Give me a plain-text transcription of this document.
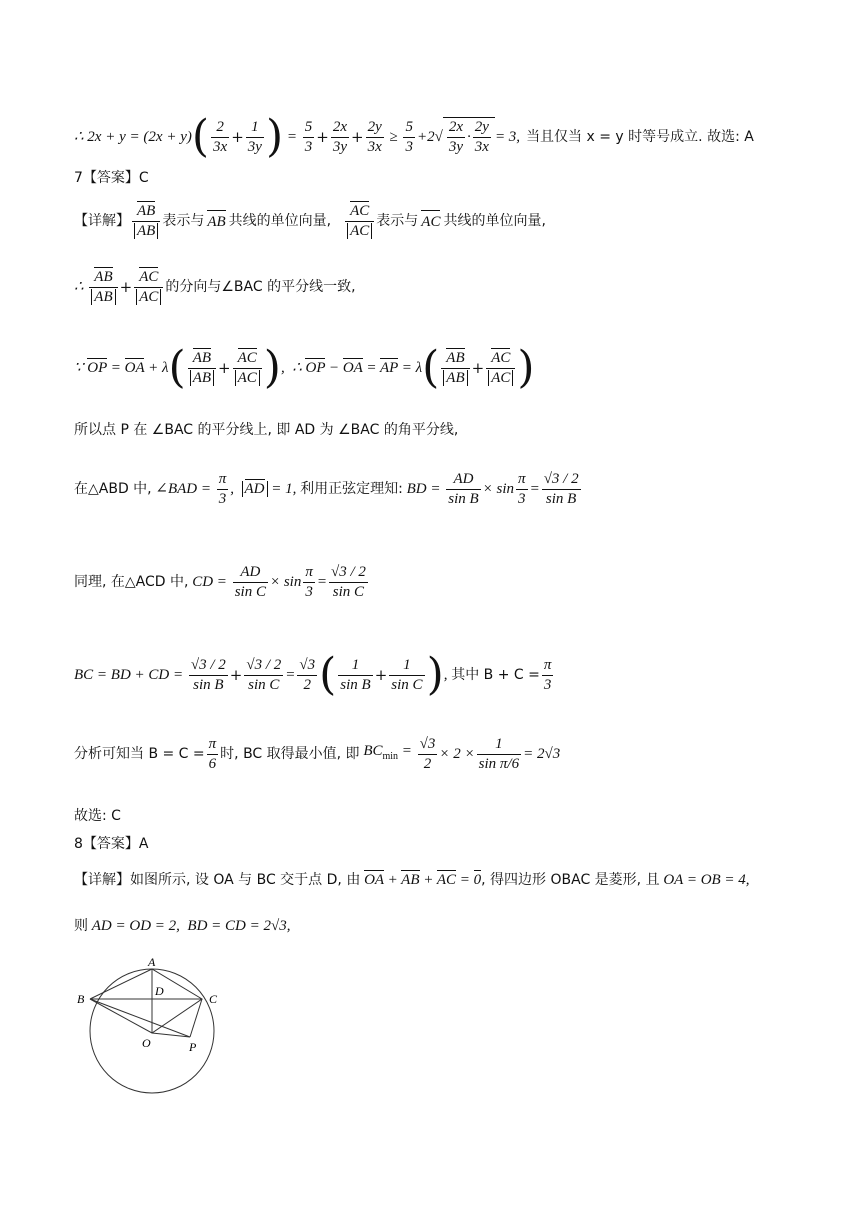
∴ 2x + y = (2x + y) ( $\frac{2}{3x} + \frac{1}{3y}$ ) = $\frac{5}{3} + \frac{2x}{3y} + \frac{2y}{3x} \ge \frac{5}{3} +2√ \frac{2x}{3y} \cdot \frac{2y}{3x} = 3$, 当且仅当 x = y 时等号成立. 故选: A
7【答案】C
【详解】 $\frac{AB}{AB}$ 表示与 AB 共线的单位向量, $\frac{AC}{AC}$ 表示与 AC 共线的单位向量,
∴ $\frac{AB}{AB} + \frac{AC}{AC}$ 的分向与∠BAC 的平分线一致,
∵ OP = OA + λ ( $\frac{AB}{AB} + \frac{AC}{AC}$ ) ,  ∴ OP − OA = AP = λ ( $\frac{AB}{AB} + \frac{AC}{AC}$ )
所以点 P 在 ∠BAC 的平分线上, 即 AD 为 ∠BAC 的角平分线,
在△ABD 中, ∠BAD = $\frac{\pi}{3}$ ,  AD = 1, 利用正弦定理知: BD = $\frac{AD}{\text{sin B}} \times \sin \frac{\pi}{3} = \frac{√3 / 2}{\text{sin B}}$
同理, 在△ACD 中, CD = $\frac{AD}{\text{sin C}} \times \sin \frac{\pi}{3} = \frac{√3 / 2}{\text{sin C}}$
BC = BD + CD = $\frac{√3 / 2}{\text{sin B}} + \frac{√3 / 2}{\text{sin C}} = \frac{√3}{2}$ ( $\frac{1}{\text{sin B}} + \frac{1}{\text{sin C}}$ ) , 其中 $B + C = \frac{\pi}{3}$
分析可知当 $B = C = \frac{\pi}{6}$ 时, BC 取得最小值, 即 $BC_{min} = \frac{√3}{2} \times 2 \times \frac{1}{\text{sin π/6}} = 2√3$
故选: C
8【答案】A
【详解】 如图所示, 设 OA 与 BC 交于点 D, 由 OA + AB + AC = 0 , 得四边形 OBAC 是菱形, 且 OA = OB = 4,
则 AD = OD = 2,  BD = CD = 2√3,
A
B	C
D
O	P
